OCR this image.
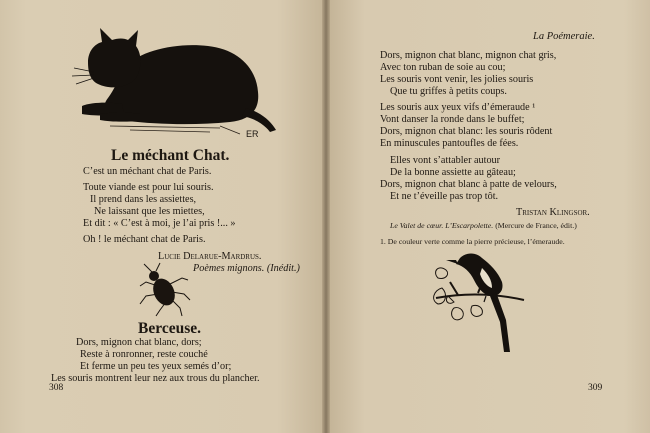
ER
Le méchant Chat.
C’est un méchant chat de Paris.
Toute viande est pour lui souris.
Il prend dans les assiettes,
Ne laissant que les miettes,
Et dit : « C’est à moi, je l’ai pris !... »
Oh ! le méchant chat de Paris.
Lucie Delarue-Mardrus.
Poèmes mignons. (Inédit.)
Berceuse.
Dors, mignon chat blanc, dors;
Reste à ronronner, reste couché
Et ferme un peu tes yeux semés d’or;
Les souris montrent leur nez aux trous du plancher.
308
La Poémeraie.
Dors, mignon chat blanc, mignon chat gris,
Avec ton ruban de soie au cou;
Les souris vont venir, les jolies souris
Que tu griffes à petits coups.
Les souris aux yeux vifs d’émeraude ¹
Vont danser la ronde dans le buffet;
Dors, mignon chat blanc: les souris rôdent
En minuscules pantoufles de fées.
Elles vont s’attabler autour
De la bonne assiette au gâteau;
Dors, mignon chat blanc à patte de velours,
Et ne t’éveille pas trop tôt.
Tristan Klingsor.
Le Valet de cœur. L’Escarpolette. (Mercure de France, édit.)
1. De couleur verte comme la pierre précieuse, l’émeraude.
309
